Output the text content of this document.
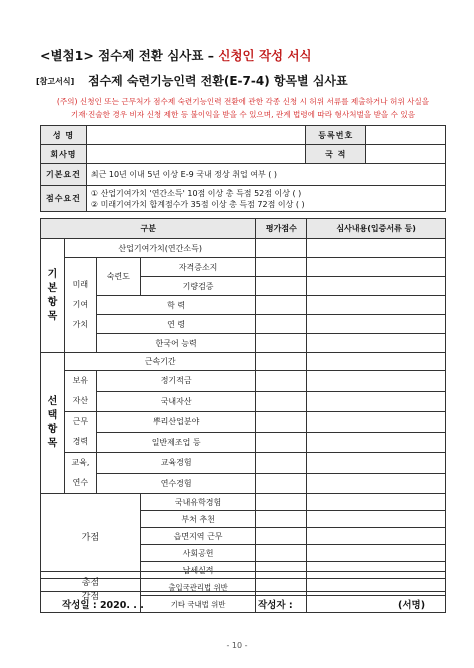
<별첨1> 점수제 전환 심사표 – 신청인 작성 서식
[참고서식] 점수제 숙련기능인력 전환(E-7-4) 항목별 심사표
(주의) 신청인 또는 근무처가 점수제 숙련기능인력 전환에 관한 각종 신청 시 허위 서류를 제출하거나 허위 사실을
기재·진술한 경우 비자 신청 제한 등 불이익을 받을 수 있으며, 관계 법령에 따라 형사처벌을 받을 수 있음
성 명		등록번호	
회사명		국 적	
기본요건	최근 10년 이내 5년 이상 E-9 국내 정상 취업 여부 ( )		
점수요건	① 산업기여가치 '연간소득' 10점 이상 총 득점 52점 이상 ( )
② 미래기여가치 합계점수가 35점 이상 총 득점 72점 이상 ( )		
구분				평가점수	심사내용(입증서류 등)
기본항목	산업기여가치(연간소득)				
	미래기여가치	숙련도	자격증소지		
			기량검증		
		학 력			
		연 령			
		한국어 능력			
선택항목	근속기간				
	보유자산	정기적금			
		국내자산			
	근무경력	뿌리산업분야			
		일반제조업 등			
	교육,연수	교육경험			
		연수경험			
가점			국내유학경험		
			부처 추천		
			읍면지역 근무		
			사회공헌		
			납세실적		
감점			출입국관리법 위반		
			기타 국내법 위반		
총점			
작성일 : 2020. . .	작성자 :	(서명)
- 10 -
